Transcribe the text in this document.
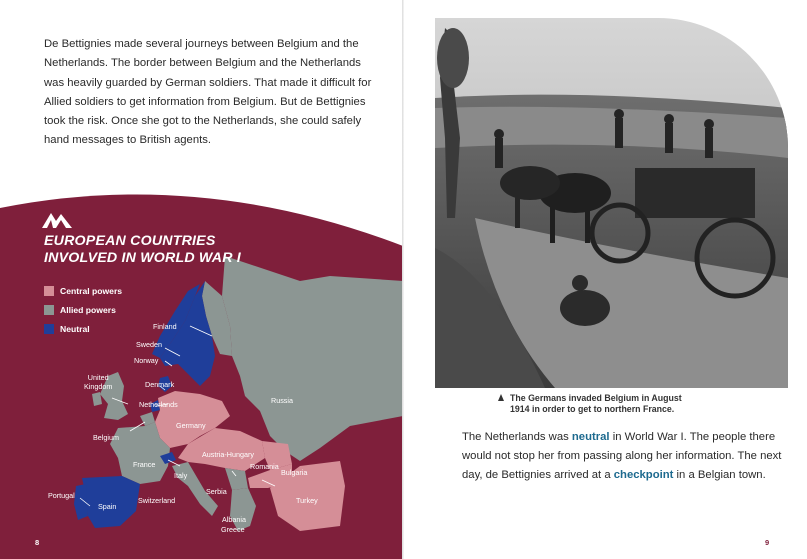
De Bettignies made several journeys between Belgium and the Netherlands. The border between Belgium and the Netherlands was heavily guarded by German soldiers. That made it difficult for Allied soldiers to get information from Belgium. But de Bettignies took the risk. Once she got to the Netherlands, she could safely hand messages to British agents.
EUROPEAN COUNTRIES
INVOLVED IN WORLD WAR I
Central powers
Allied powers
Neutral	Finland
Sweden
Norway
United
Kingdom	Denmark
Netherlands	Russia
Belgium
Germany
France
Austria-Hungary
Romania
Bulgaria
Italy
Portugal
Spain
Switzerland
Serbia
Turkey
Albania
Greece
8
The Germans invaded Belgium in August
1914 in order to get to northern France.
The Netherlands was neutral in World War I. The people there would not stop her from passing along her information. The next day, de Bettignies arrived at a checkpoint in a Belgian town.
9
